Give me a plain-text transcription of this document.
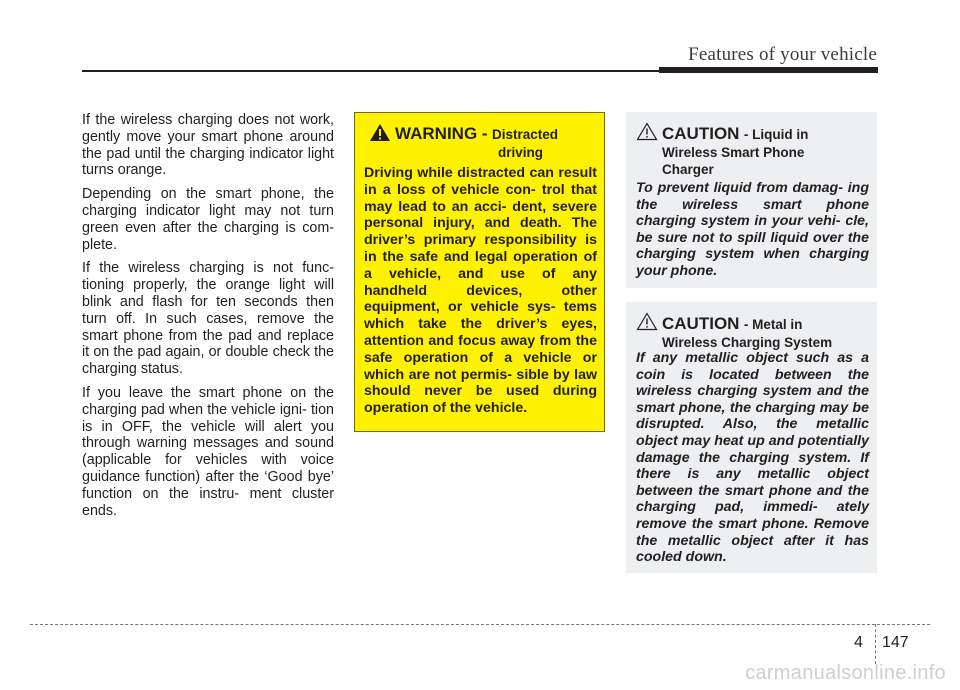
Features of your vehicle

If the wireless charging does not work, gently move your smart phone around the pad until the charging indicator light turns orange.

Depending on the smart phone, the charging indicator light may not turn green even after the charging is com- plete.

If the wireless charging is not func- tioning properly, the orange light will blink and flash for ten seconds then turn off. In such cases, remove the smart phone from the pad and replace it on the pad again, or double check the charging status.

If you leave the smart phone on the charging pad when the vehicle igni- tion is in OFF, the vehicle will alert you through warning messages and sound (applicable for vehicles with voice guidance function) after the ‘Good bye’ function on the instru- ment cluster ends.

WARNING - Distracted
driving
Driving while distracted can result in a loss of vehicle con- trol that may lead to an acci- dent, severe personal injury, and death. The driver’s primary responsibility is in the safe and legal operation of a vehicle, and use of any handheld devices, other equipment, or vehicle sys- tems which take the driver’s eyes, attention and focus away from the safe operation of a vehicle or which are not permis- sible by law should never be used during operation of the vehicle.
CAUTION - Liquid in
Wireless Smart Phone
Charger
To prevent liquid from damag- ing the wireless smart phone charging system in your vehi- cle, be sure not to spill liquid over the charging system when charging your phone.
CAUTION - Metal in
Wireless Charging System
If any metallic object such as a coin is located between the wireless charging system and the smart phone, the charging may be disrupted. Also, the metallic object may heat up and potentially damage the charging system. If there is any metallic object between the smart phone and the charging pad, immedi- ately remove the smart phone. Remove the metallic object after it has cooled down.
4 147
carmanualsonline.info
